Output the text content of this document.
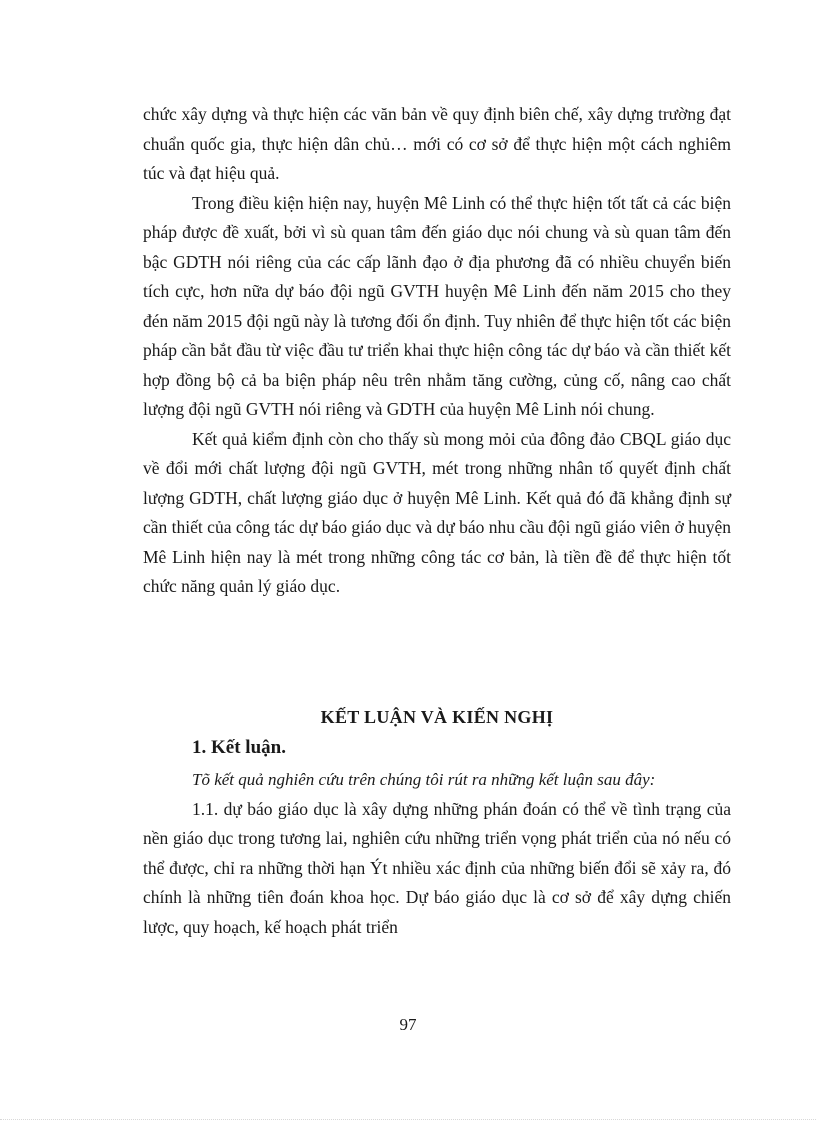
chức xây dựng và thực hiện các văn bản về quy định biên chế, xây dựng trường đạt chuẩn quốc gia, thực hiện dân chủ… mới có cơ sở để thực hiện một cách nghiêm túc và đạt hiệu quả.

Trong điều kiện hiện nay, huyện Mê Linh có thể thực hiện tốt tất cả các biện pháp được đề xuất, bởi vì sù quan tâm đến giáo dục nói chung và sù quan tâm đến bậc GDTH nói riêng của các cấp lãnh đạo ở địa phương đã có nhiều chuyển biến tích cực, hơn nữa dự báo đội ngũ GVTH huyện Mê Linh đến năm 2015 cho they đén năm 2015 đội ngũ này là tương đối ổn định. Tuy nhiên để thực hiện tốt các biện pháp cần bắt đầu từ việc đầu tư triển khai thực hiện công tác dự báo và cần thiết kết hợp đồng bộ cả ba biện pháp nêu trên nhằm tăng cường, củng cố, nâng cao chất lượng đội ngũ GVTH nói riêng và GDTH của huyện Mê Linh nói chung.

Kết quả kiểm định còn cho thấy sù mong mỏi của đông đảo CBQL giáo dục về đổi mới chất lượng đội ngũ GVTH, mét trong những nhân tố quyết định chất lượng GDTH, chất lượng giáo dục ở huyện Mê Linh. Kết quả đó đã khẳng định sự cần thiết của công tác dự báo giáo dục và dự báo nhu cầu đội ngũ giáo viên ở huyện Mê Linh hiện nay là mét trong những công tác cơ bản, là tiền đề để thực hiện tốt chức năng quản lý giáo dục.

KẾT LUẬN VÀ KIẾN NGHỊ
1. Kết luận.

Tõ kết quả nghiên cứu trên chúng tôi rút ra những kết luận sau đây:

1.1. dự báo giáo dục là xây dựng những phán đoán có thể về tình trạng của nền giáo dục trong tương lai, nghiên cứu những triển vọng phát triển của nó nếu có thể được, chỉ ra những thời hạn Ýt nhiều xác định của những biến đổi sẽ xảy ra, đó chính là những tiên đoán khoa học. Dự báo giáo dục là cơ sở để xây dựng chiến lược, quy hoạch, kế hoạch phát triển

97
